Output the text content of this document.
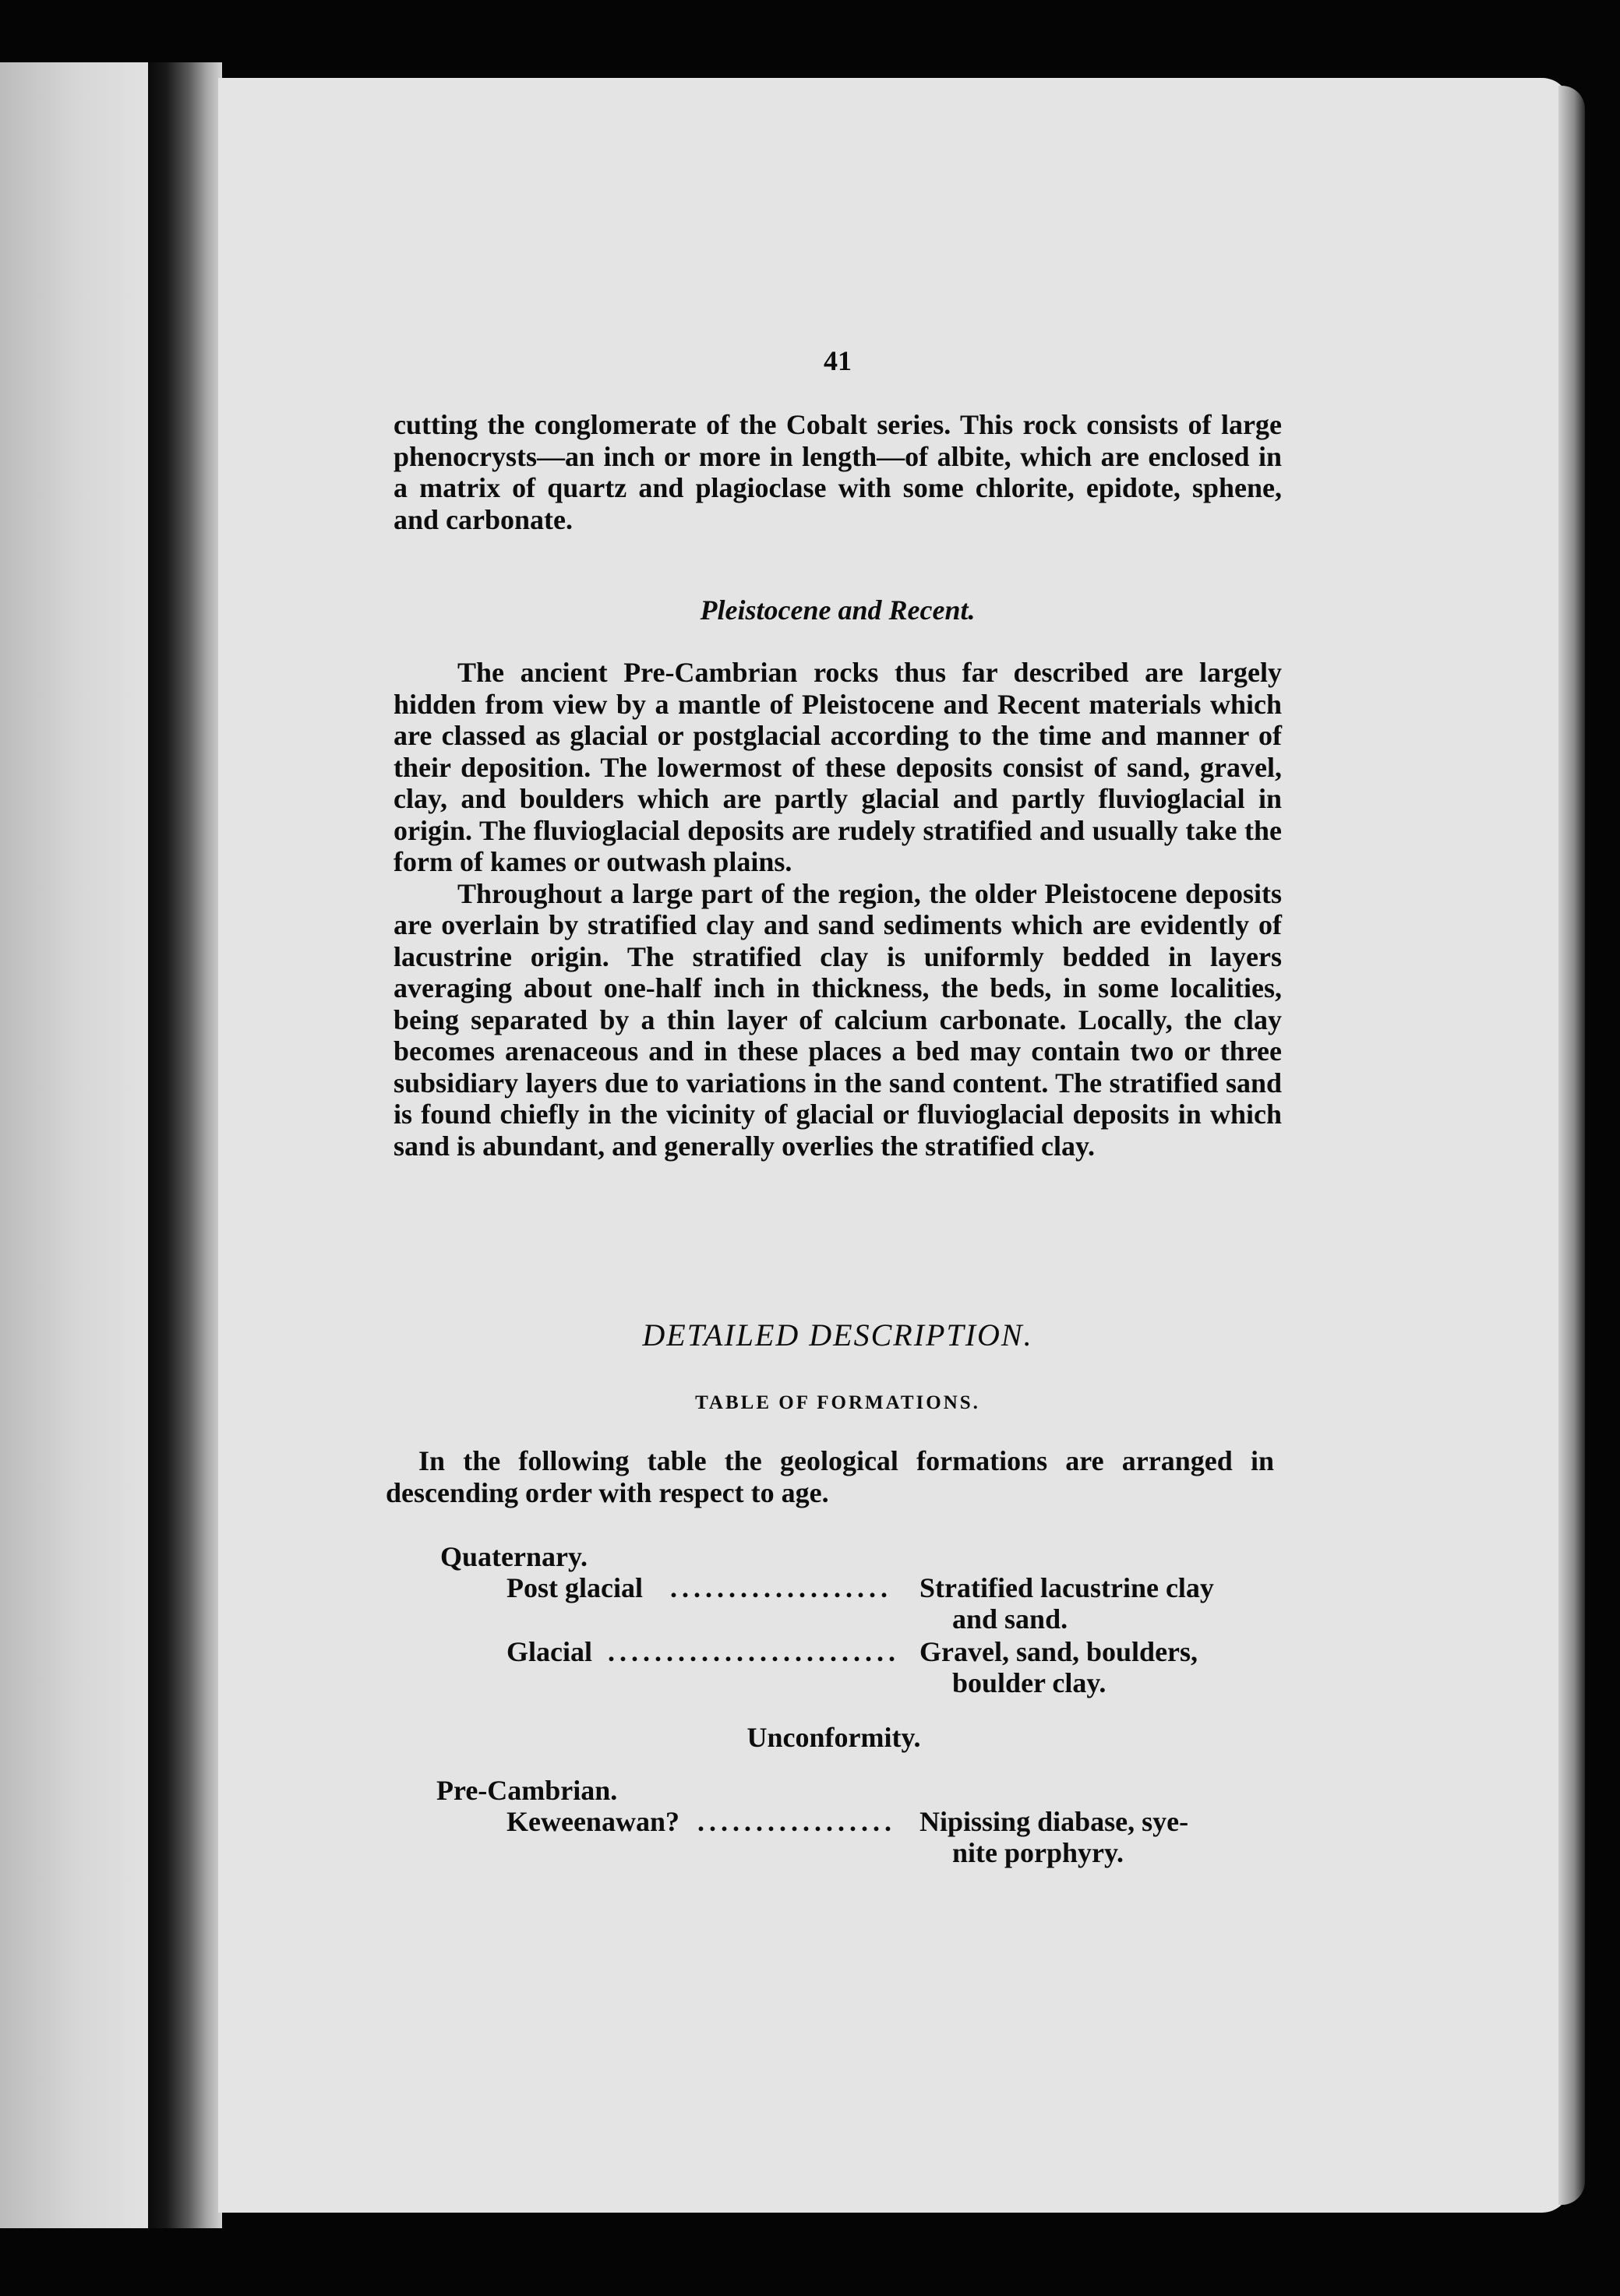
41

cutting the conglomerate of the Cobalt series. This rock consists of large phenocrysts—an inch or more in length—of albite, which are enclosed in a matrix of quartz and plagioclase with some chlorite, epidote, sphene, and carbonate.

Pleistocene and Recent.

The ancient Pre-Cambrian rocks thus far described are largely hidden from view by a mantle of Pleistocene and Recent materials which are classed as glacial or postglacial according to the time and manner of their deposition. The lowermost of these deposits consist of sand, gravel, clay, and boulders which are partly glacial and partly fluvioglacial in origin. The fluvioglacial deposits are rudely stratified and usually take the form of kames or outwash plains.

Throughout a large part of the region, the older Pleistocene deposits are overlain by stratified clay and sand sediments which are evidently of lacustrine origin. The stratified clay is uniformly bedded in layers averaging about one-half inch in thickness, the beds, in some localities, being separated by a thin layer of calcium carbonate. Locally, the clay becomes arenaceous and in these places a bed may contain two or three subsidiary layers due to variations in the sand content. The stratified sand is found chiefly in the vicinity of glacial or fluvioglacial deposits in which sand is abundant, and generally overlies the stratified clay.

DETAILED DESCRIPTION.
TABLE OF FORMATIONS.

In the following table the geological formations are arranged in descending order with respect to age.

Quaternary.
...................
Post glacial	Stratified lacustrine clay
and sand.
.........................
Glacial	Gravel, sand, boulders,
boulder clay.
Unconformity.
Pre-Cambrian.
.................
Keweenawan?	Nipissing diabase, sye-
nite porphyry.
